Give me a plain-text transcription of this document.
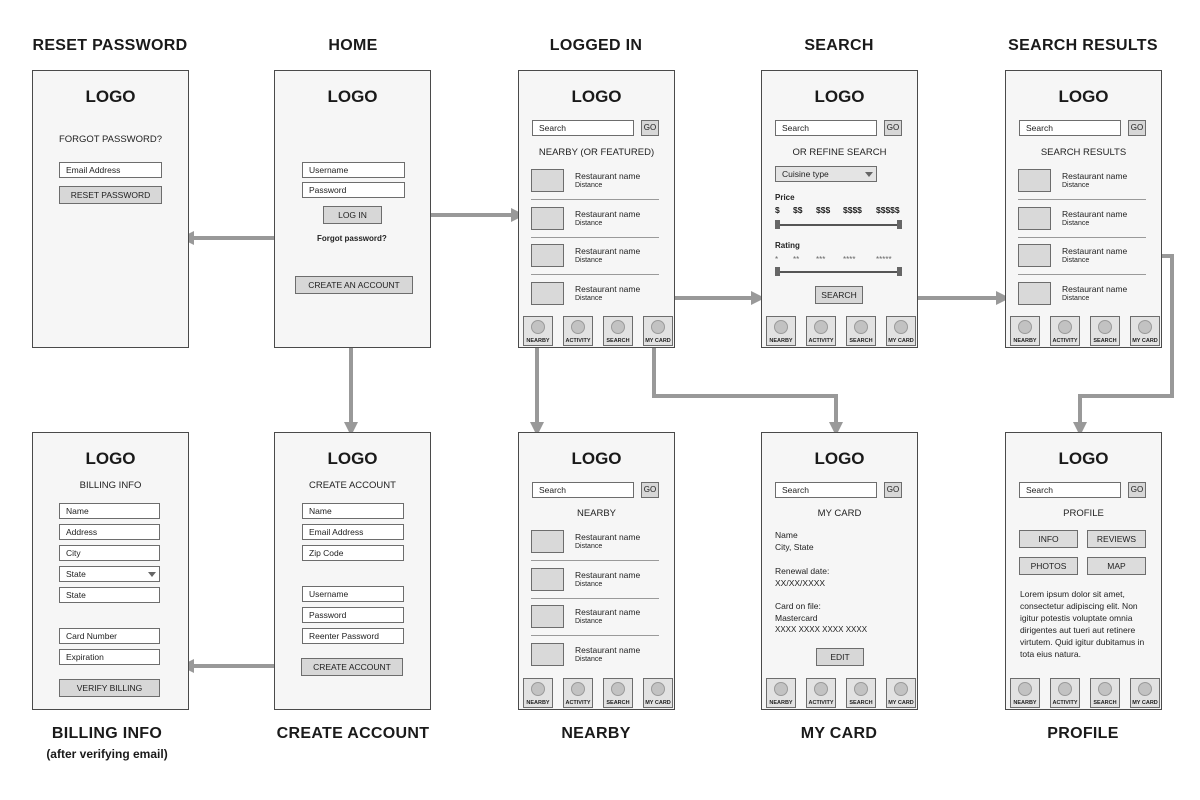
RESET PASSWORD	HOME	LOGGED IN	SEARCH	SEARCH RESULTS
BILLING INFO
(after verifying email)
CREATE ACCOUNT	NEARBY	MY CARD	PROFILE
LOGO
FORGOT PASSWORD?
Email Address
RESET PASSWORD
LOGO
Username
Password
LOG IN
Forgot password?
CREATE AN ACCOUNT
LOGO
Search	GO
NEARBY (OR FEATURED)
Restaurant name
Distance
Restaurant name
Distance
Restaurant name
Distance
Restaurant name
Distance
NEARBY	ACTIVITY	SEARCH	MY CARD
LOGO
Search	GO
OR REFINE SEARCH
Cuisine type
Price
$ $$ $$$ $$$$ $$$$$
Rating
* ** *** ****	*****
SEARCH
NEARBY	ACTIVITY	SEARCH	MY CARD
LOGO
Search	GO
SEARCH RESULTS
Restaurant name
Distance
Restaurant name
Distance
Restaurant name
Distance
Restaurant name
Distance
NEARBY	ACTIVITY	SEARCH	MY CARD
LOGO
BILLING INFO
Name
Address
City
State
State
Card Number
Expiration
VERIFY BILLING
LOGO
CREATE ACCOUNT
Name
Email Address
Zip Code
Username
Password
Reenter Password
CREATE ACCOUNT
LOGO
Search	GO
NEARBY
Restaurant name
Distance
Restaurant name
Distance
Restaurant name
Distance
Restaurant name
Distance
NEARBY	ACTIVITY	SEARCH	MY CARD
LOGO
Search	GO
MY CARD
Name
City, State
Renewal date:
XX/XX/XXXX
Card on file:
Mastercard
XXXX XXXX XXXX XXXX
EDIT
NEARBY	ACTIVITY	SEARCH	MY CARD
LOGO
Search	GO
PROFILE
INFO	REVIEWS
PHOTOS	MAP
Lorem ipsum dolor sit amet, consectetur adipiscing elit. Non igitur potestis voluptate omnia dirigentes aut tueri aut retinere virtutem. Quid igitur dubitamus in tota eius natura.
NEARBY	ACTIVITY	SEARCH	MY CARD
